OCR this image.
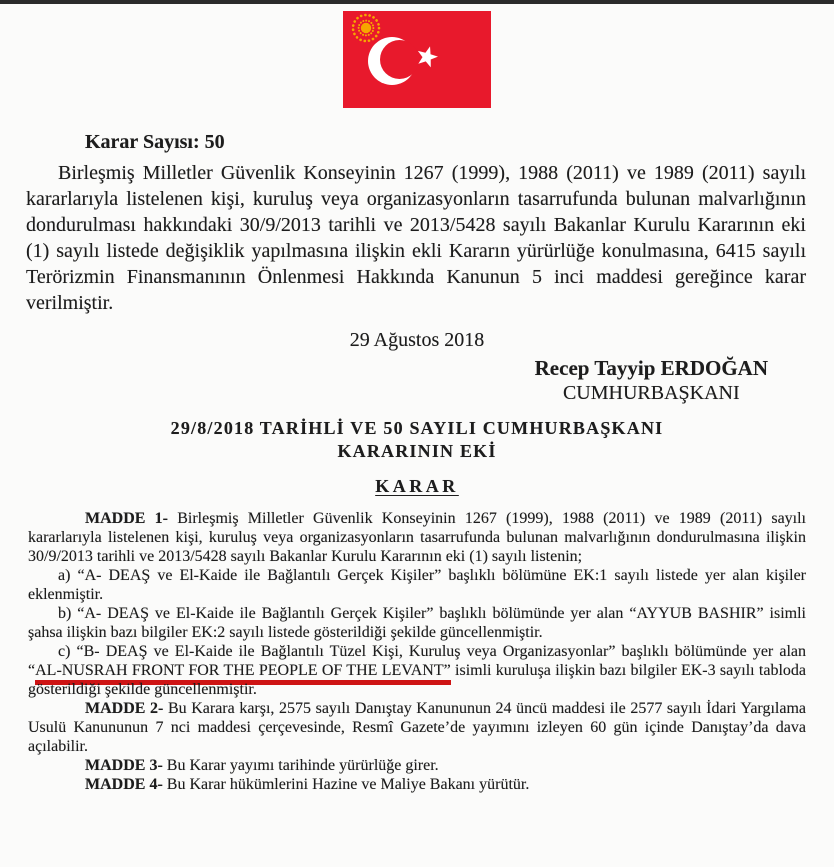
Karar Sayısı: 50

Birleşmiş Milletler Güvenlik Konseyinin 1267 (1999), 1988 (2011) ve 1989 (2011) sayılı kararlarıyla listelenen kişi, kuruluş veya organizasyonların tasarrufunda bulunan malvarlığının dondurulması hakkındaki 30/9/2013 tarihli ve 2013/5428 sayılı Bakanlar Kurulu Kararının eki (1) sayılı listede değişiklik yapılmasına ilişkin ekli Kararın yürürlüğe konulmasına, 6415 sayılı Terörizmin Finansmanının Önlenmesi Hakkında Kanunun 5 inci maddesi gereğince karar verilmiştir.

29 Ağustos 2018
Recep Tayyip ERDOĞAN
CUMHURBAŞKANI
29/8/2018 TARİHLİ VE 50 SAYILI CUMHURBAŞKANI
KARARININ EKİ
KARAR

MADDE 1- Birleşmiş Milletler Güvenlik Konseyinin 1267 (1999), 1988 (2011) ve 1989 (2011) sayılı kararlarıyla listelenen kişi, kuruluş veya organizasyonların tasarrufunda bulunan malvarlığının dondurulmasına ilişkin 30/9/2013 tarihli ve 2013/5428 sayılı Bakanlar Kurulu Kararının eki (1) sayılı listenin;

a) “A- DEAŞ ve El-Kaide ile Bağlantılı Gerçek Kişiler” başlıklı bölümüne EK:1 sayılı listede yer alan kişiler eklenmiştir.

b) “A- DEAŞ ve El-Kaide ile Bağlantılı Gerçek Kişiler” başlıklı bölümünde yer alan “AYYUB BASHIR” isimli şahsa ilişkin bazı bilgiler EK:2 sayılı listede gösterildiği şekilde güncellenmiştir.

c) “B- DEAŞ ve El-Kaide ile Bağlantılı Tüzel Kişi, Kuruluş veya Organizasyonlar” başlıklı bölümünde yer alan “AL-NUSRAH FRONT FOR THE PEOPLE OF THE LEVANT” isimli kuruluşa ilişkin bazı bilgiler EK-3 sayılı tabloda gösterildiği şekilde güncellenmiştir.

MADDE 2- Bu Karara karşı, 2575 sayılı Danıştay Kanununun 24 üncü maddesi ile 2577 sayılı İdari Yargılama Usulü Kanununun 7 nci maddesi çerçevesinde, Resmî Gazete’de yayımını izleyen 60 gün içinde Danıştay’da dava açılabilir.

MADDE 3- Bu Karar yayımı tarihinde yürürlüğe girer.

MADDE 4- Bu Karar hükümlerini Hazine ve Maliye Bakanı yürütür.
